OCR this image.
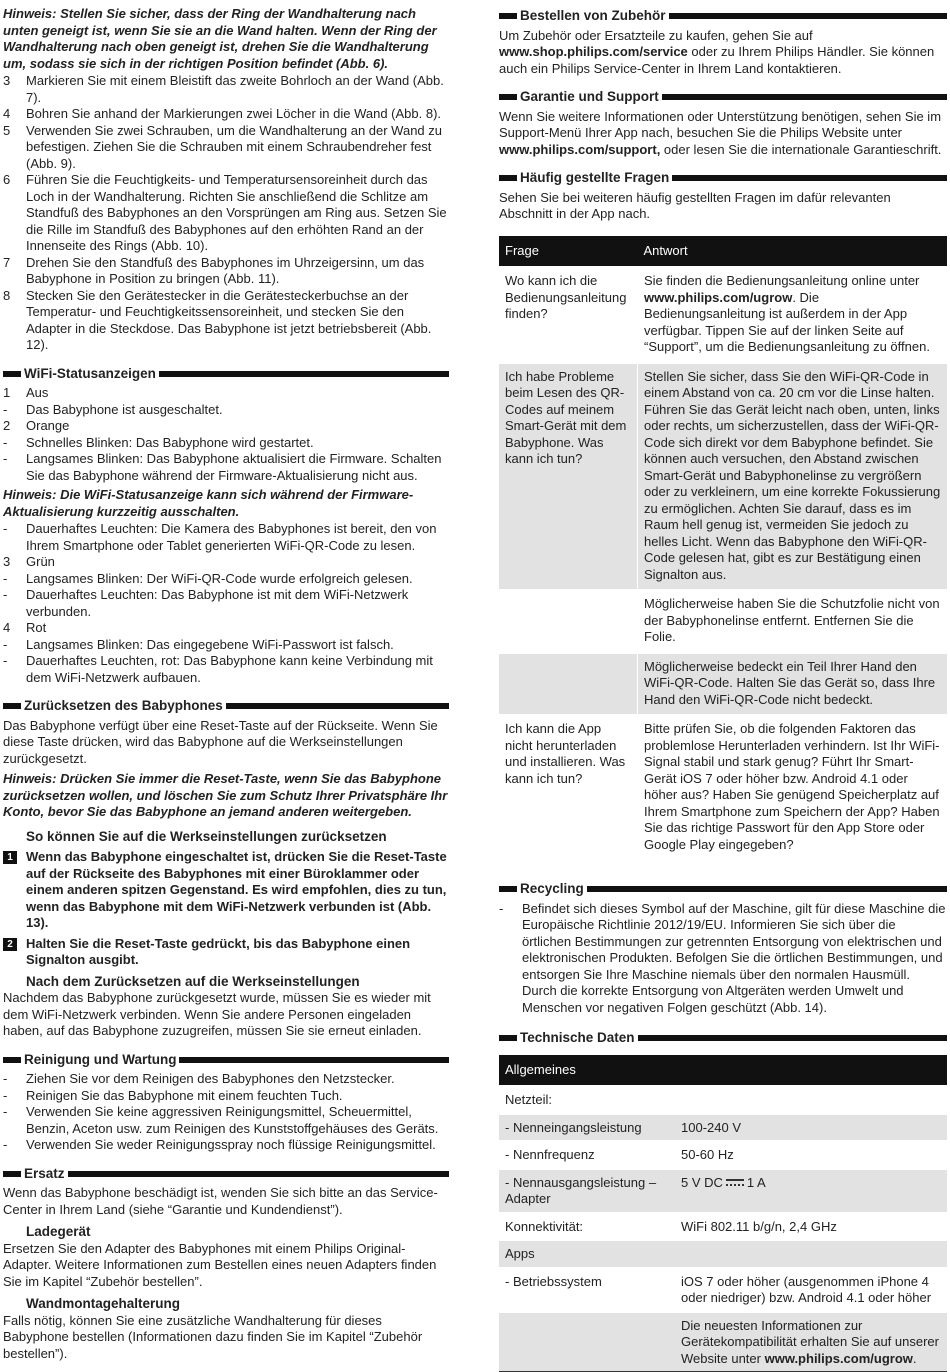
Hinweis: Stellen Sie sicher, dass der Ring der Wandhalterung nach unten geneigt ist, wenn Sie sie an die Wand halten. Wenn der Ring der Wandhalterung nach oben geneigt ist, drehen Sie die Wandhalterung um, sodass sie sich in der richtigen Position befindet (Abb. 6).

3	Markieren Sie mit einem Bleistift das zweite Bohrloch an der Wand (Abb. 7).
4	Bohren Sie anhand der Markierungen zwei Löcher in die Wand (Abb. 8).
5	Verwenden Sie zwei Schrauben, um die Wandhalterung an der Wand zu befestigen. Ziehen Sie die Schrauben mit einem Schraubendreher fest (Abb. 9).
6	Führen Sie die Feuchtigkeits- und Temperatursensoreinheit durch das Loch in der Wandhalterung. Richten Sie anschließend die Schlitze am Standfuß des Babyphones an den Vorsprüngen am Ring aus. Setzen Sie die Rille im Standfuß des Babyphones auf den erhöhten Rand an der Innenseite des Rings (Abb. 10).
7	Drehen Sie den Standfuß des Babyphones im Uhrzeigersinn, um das Babyphone in Position zu bringen (Abb. 11).
8	Stecken Sie den Gerätestecker in die Gerätesteckerbuchse an der Temperatur- und Feuchtigkeitssensoreinheit, und stecken Sie den Adapter in die Steckdose. Das Babyphone ist jetzt betriebsbereit (Abb. 12).
WiFi-Statusanzeigen
1	Aus
-	Das Babyphone ist ausgeschaltet.
2	Orange
-	Schnelles Blinken: Das Babyphone wird gestartet.
-	Langsames Blinken: Das Babyphone aktualisiert die Firmware. Schalten Sie das Babyphone während der Firmware-Aktualisierung nicht aus.

Hinweis: Die WiFi-Statusanzeige kann sich während der Firmware-Aktualisierung kurzzeitig ausschalten.

-	Dauerhaftes Leuchten: Die Kamera des Babyphones ist bereit, den von Ihrem Smartphone oder Tablet generierten WiFi-QR-Code zu lesen.
3	Grün
-	Langsames Blinken: Der WiFi-QR-Code wurde erfolgreich gelesen.
-	Dauerhaftes Leuchten: Das Babyphone ist mit dem WiFi-Netzwerk verbunden.
4	Rot
-	Langsames Blinken: Das eingegebene WiFi-Passwort ist falsch.
-	Dauerhaftes Leuchten, rot: Das Babyphone kann keine Verbindung mit dem WiFi-Netzwerk aufbauen.
Zurücksetzen des Babyphones

Das Babyphone verfügt über eine Reset-Taste auf der Rückseite. Wenn Sie diese Taste drücken, wird das Babyphone auf die Werkseinstellungen zurückgesetzt.

Hinweis: Drücken Sie immer die Reset-Taste, wenn Sie das Babyphone zurücksetzen wollen, und löschen Sie zum Schutz Ihrer Privatsphäre Ihr Konto, bevor Sie das Babyphone an jemand anderen weitergeben.

So können Sie auf die Werkseinstellungen zurücksetzen
1	Wenn das Babyphone eingeschaltet ist, drücken Sie die Reset-Taste auf der Rückseite des Babyphones mit einer Büroklammer oder einem anderen spitzen Gegenstand. Es wird empfohlen, dies zu tun, wenn das Babyphone mit dem WiFi-Netzwerk verbunden ist (Abb. 13).
2	Halten Sie die Reset-Taste gedrückt, bis das Babyphone einen Signalton ausgibt.
Nach dem Zurücksetzen auf die Werkseinstellungen

Nachdem das Babyphone zurückgesetzt wurde, müssen Sie es wieder mit dem WiFi-Netzwerk verbinden. Wenn Sie andere Personen eingeladen haben, auf das Babyphone zuzugreifen, müssen Sie sie erneut einladen.

Reinigung und Wartung
-	Ziehen Sie vor dem Reinigen des Babyphones den Netzstecker.
-	Reinigen Sie das Babyphone mit einem feuchten Tuch.
-	Verwenden Sie keine aggressiven Reinigungsmittel, Scheuermittel, Benzin, Aceton usw. zum Reinigen des Kunststoffgehäuses des Geräts.
-	Verwenden Sie weder Reinigungsspray noch flüssige Reinigungsmittel.
Ersatz

Wenn das Babyphone beschädigt ist, wenden Sie sich bitte an das Service-Center in Ihrem Land (siehe “Garantie und Kundendienst”).

Ladegerät

Ersetzen Sie den Adapter des Babyphones mit einem Philips Original-Adapter. Weitere Informationen zum Bestellen eines neuen Adapters finden Sie im Kapitel “Zubehör bestellen”.

Wandmontagehalterung

Falls nötig, können Sie eine zusätzliche Wandhalterung für dieses Babyphone bestellen (Informationen dazu finden Sie im Kapitel “Zubehör bestellen”).

Bestellen von Zubehör

Um Zubehör oder Ersatzteile zu kaufen, gehen Sie auf www.shop.philips.com/service oder zu Ihrem Philips Händler. Sie können auch ein Philips Service-Center in Ihrem Land kontaktieren.

Garantie und Support

Wenn Sie weitere Informationen oder Unterstützung benötigen, sehen Sie im Support-Menü Ihrer App nach, besuchen Sie die Philips Website unter www.philips.com/support, oder lesen Sie die internationale Garantieschrift.

Häufig gestellte Fragen

Sehen Sie bei weiteren häufig gestellten Fragen im dafür relevanten Abschnitt in der App nach.

Frage	Antwort
Wo kann ich die Bedienungsanleitung finden?	Sie finden die Bedienungsanleitung online unter www.philips.com/ugrow. Die Bedienungsanleitung ist außerdem in der App verfügbar. Tippen Sie auf der linken Seite auf “Support”, um die Bedienungsanleitung zu öffnen.
Ich habe Probleme beim Lesen des QR-Codes auf meinem Smart-Gerät mit dem Babyphone. Was kann ich tun?	Stellen Sie sicher, dass Sie den WiFi-QR-Code in einem Abstand von ca. 20 cm vor die Linse halten. Führen Sie das Gerät leicht nach oben, unten, links oder rechts, um sicherzustellen, dass der WiFi-QR-Code sich direkt vor dem Babyphone befindet. Sie können auch versuchen, den Abstand zwischen Smart-Gerät und Babyphonelinse zu vergrößern oder zu verkleinern, um eine korrekte Fokussierung zu ermöglichen. Achten Sie darauf, dass es im Raum hell genug ist, vermeiden Sie jedoch zu helles Licht. Wenn das Babyphone den WiFi-QR-Code gelesen hat, gibt es zur Bestätigung einen Signalton aus.
	Möglicherweise haben Sie die Schutzfolie nicht von der Babyphonelinse entfernt. Entfernen Sie die Folie.
	Möglicherweise bedeckt ein Teil Ihrer Hand den WiFi-QR-Code. Halten Sie das Gerät so, dass Ihre Hand den WiFi-QR-Code nicht bedeckt.
Ich kann die App nicht herunterladen und installieren. Was kann ich tun?	Bitte prüfen Sie, ob die folgenden Faktoren das problemlose Herunterladen verhindern. Ist Ihr WiFi-Signal stabil und stark genug? Führt Ihr Smart-Gerät iOS 7 oder höher bzw. Android 4.1 oder höher aus? Haben Sie genügend Speicherplatz auf Ihrem Smartphone zum Speichern der App? Haben Sie das richtige Passwort für den App Store oder Google Play eingegeben?
Recycling
-	Befindet sich dieses Symbol auf der Maschine, gilt für diese Maschine die Europäische Richtlinie 2012/19/EU. Informieren Sie sich über die örtlichen Bestimmungen zur getrennten Entsorgung von elektrischen und elektronischen Produkten. Befolgen Sie die örtlichen Bestimmungen, und entsorgen Sie Ihre Maschine niemals über den normalen Hausmüll. Durch die korrekte Entsorgung von Altgeräten werden Umwelt und Menschen vor negativen Folgen geschützt (Abb. 14).
Technische Daten
Allgemeines	
Netzteil:	
- Nenneingangsleistung	100-240 V
- Nennfrequenz	50-60 Hz
- Nennausgangsleistung – Adapter	5 V DC 1 A
Konnektivität:	WiFi 802.11 b/g/n, 2,4 GHz
Apps	
- Betriebssystem	iOS 7 oder höher (ausgenommen iPhone 4 oder niedriger) bzw. Android 4.1 oder höher
	Die neuesten Informationen zur Gerätekompatibilität erhalten Sie auf unserer Website unter www.philips.com/ugrow.
